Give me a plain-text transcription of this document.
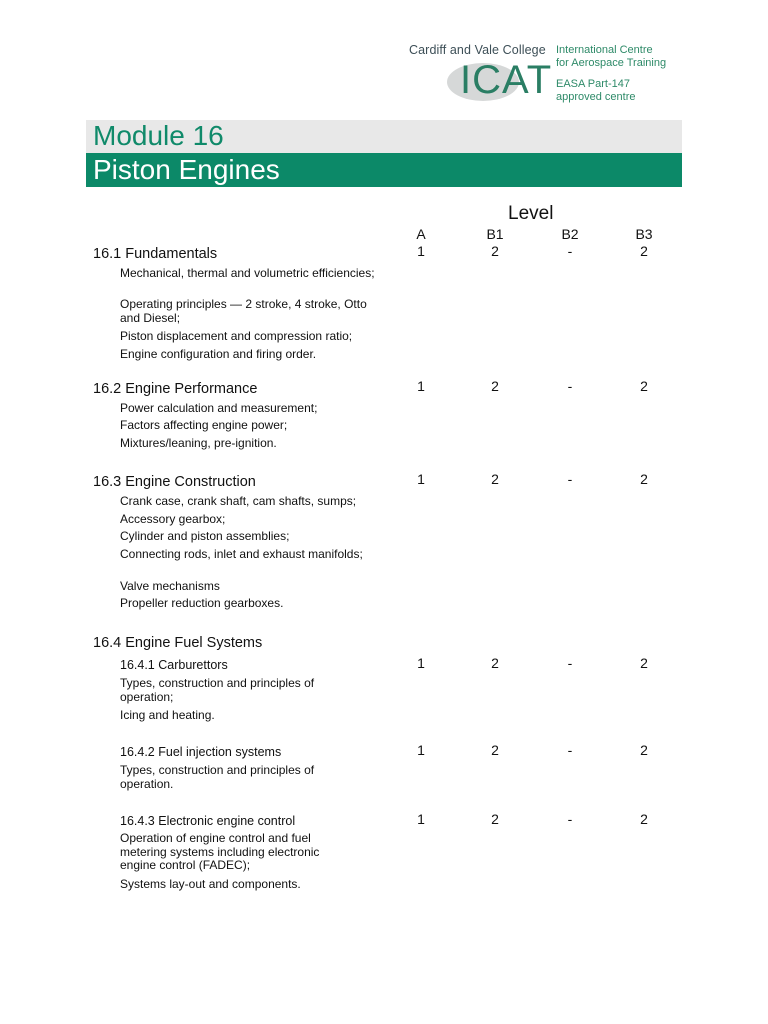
Cardiff and Vale College
ICAT
International Centre
for Aerospace Training
EASA Part-147
approved centre
Module 16
Piston Engines
Level
A	B1	B2	B3
16.1 Fundamentals	1	2	-	2
Mechanical, thermal and volumetric efficiencies;
Operating principles — 2 stroke, 4 stroke, Otto and Diesel;
Piston displacement and compression ratio;
Engine configuration and firing order.
16.2 Engine Performance	1	2	-	2
Power calculation and measurement;
Factors affecting engine power;
Mixtures/leaning, pre-ignition.
16.3 Engine Construction	1	2	-	2
Crank case, crank shaft, cam shafts, sumps;
Accessory gearbox;
Cylinder and piston assemblies;
Connecting rods, inlet and exhaust manifolds;
Valve mechanisms
Propeller reduction gearboxes.
16.4 Engine Fuel Systems
16.4.1 Carburettors	1	2	-	2
Types, construction and principles of operation;
Icing and heating.
16.4.2 Fuel injection systems	1	2	-	2
Types, construction and principles of operation.
16.4.3 Electronic engine control	1	2	-	2
Operation of engine control and fuel metering systems including electronic engine control (FADEC);
Systems lay-out and components.
